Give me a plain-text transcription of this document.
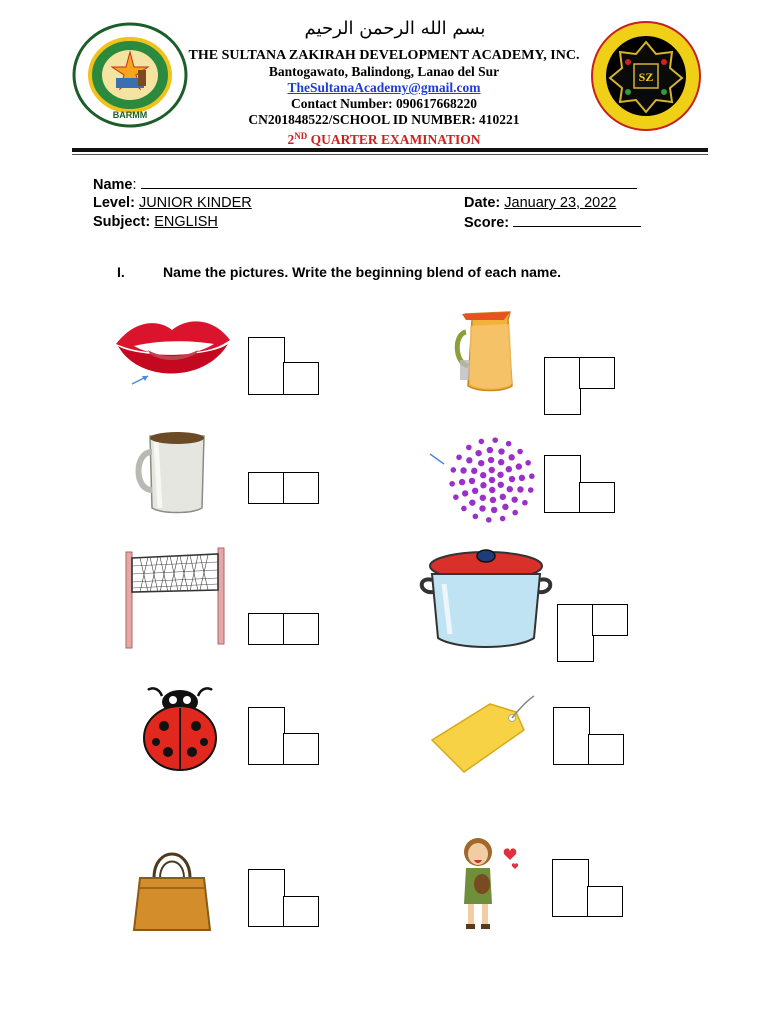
بسم الله الرحمن الرحيم
BARMM
SZ
THE SULTANA ZAKIRAH DEVELOPMENT ACADEMY, INC.
Bantogawato, Balindong, Lanao del Sur
TheSultanaAcademy@gmail.com
Contact Number: 090617668220
CN201848522/SCHOOL ID NUMBER: 410221
2ND QUARTER EXAMINATION
Name:
Level: JUNIOR KINDER
Subject: ENGLISH
Date: January 23, 2022
Score:
I.	Name the pictures. Write the beginning blend of each name.
